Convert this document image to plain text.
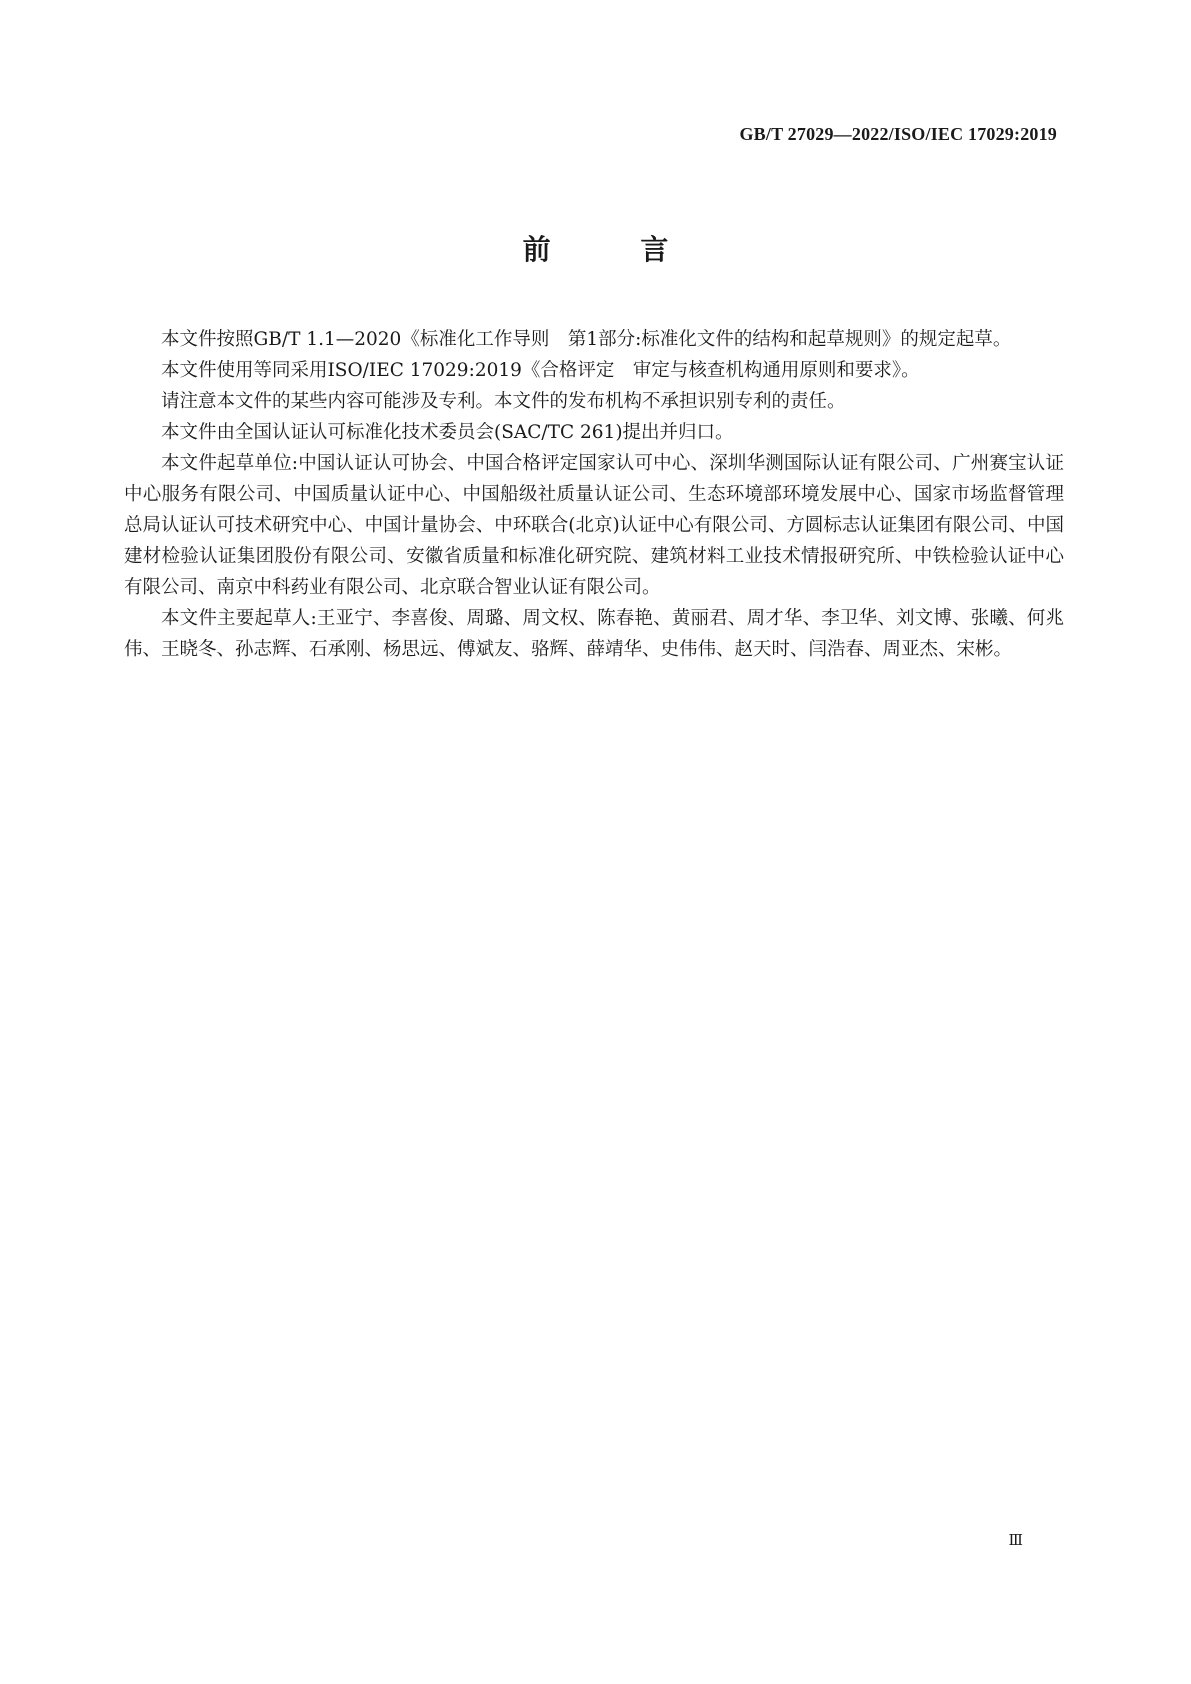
GB/T 27029—2022/ISO/IEC 17029:2019
前 言

本文件按照GB/T 1.1—2020《标准化工作导则　第1部分:标准化文件的结构和起草规则》的规定起草。

本文件使用等同采用ISO/IEC 17029:2019《合格评定　审定与核查机构通用原则和要求》。

请注意本文件的某些内容可能涉及专利。本文件的发布机构不承担识别专利的责任。

本文件由全国认证认可标准化技术委员会(SAC/TC 261)提出并归口。

本文件起草单位:中国认证认可协会、中国合格评定国家认可中心、深圳华测国际认证有限公司、广州赛宝认证中心服务有限公司、中国质量认证中心、中国船级社质量认证公司、生态环境部环境发展中心、国家市场监督管理总局认证认可技术研究中心、中国计量协会、中环联合(北京)认证中心有限公司、方圆标志认证集团有限公司、中国建材检验认证集团股份有限公司、安徽省质量和标准化研究院、建筑材料工业技术情报研究所、中铁检验认证中心有限公司、南京中科药业有限公司、北京联合智业认证有限公司。

本文件主要起草人:王亚宁、李喜俊、周璐、周文权、陈春艳、黄丽君、周才华、李卫华、刘文博、张曦、何兆伟、王晓冬、孙志辉、石承刚、杨思远、傅斌友、骆辉、薛靖华、史伟伟、赵天时、闫浩春、周亚杰、宋彬。

Ⅲ
